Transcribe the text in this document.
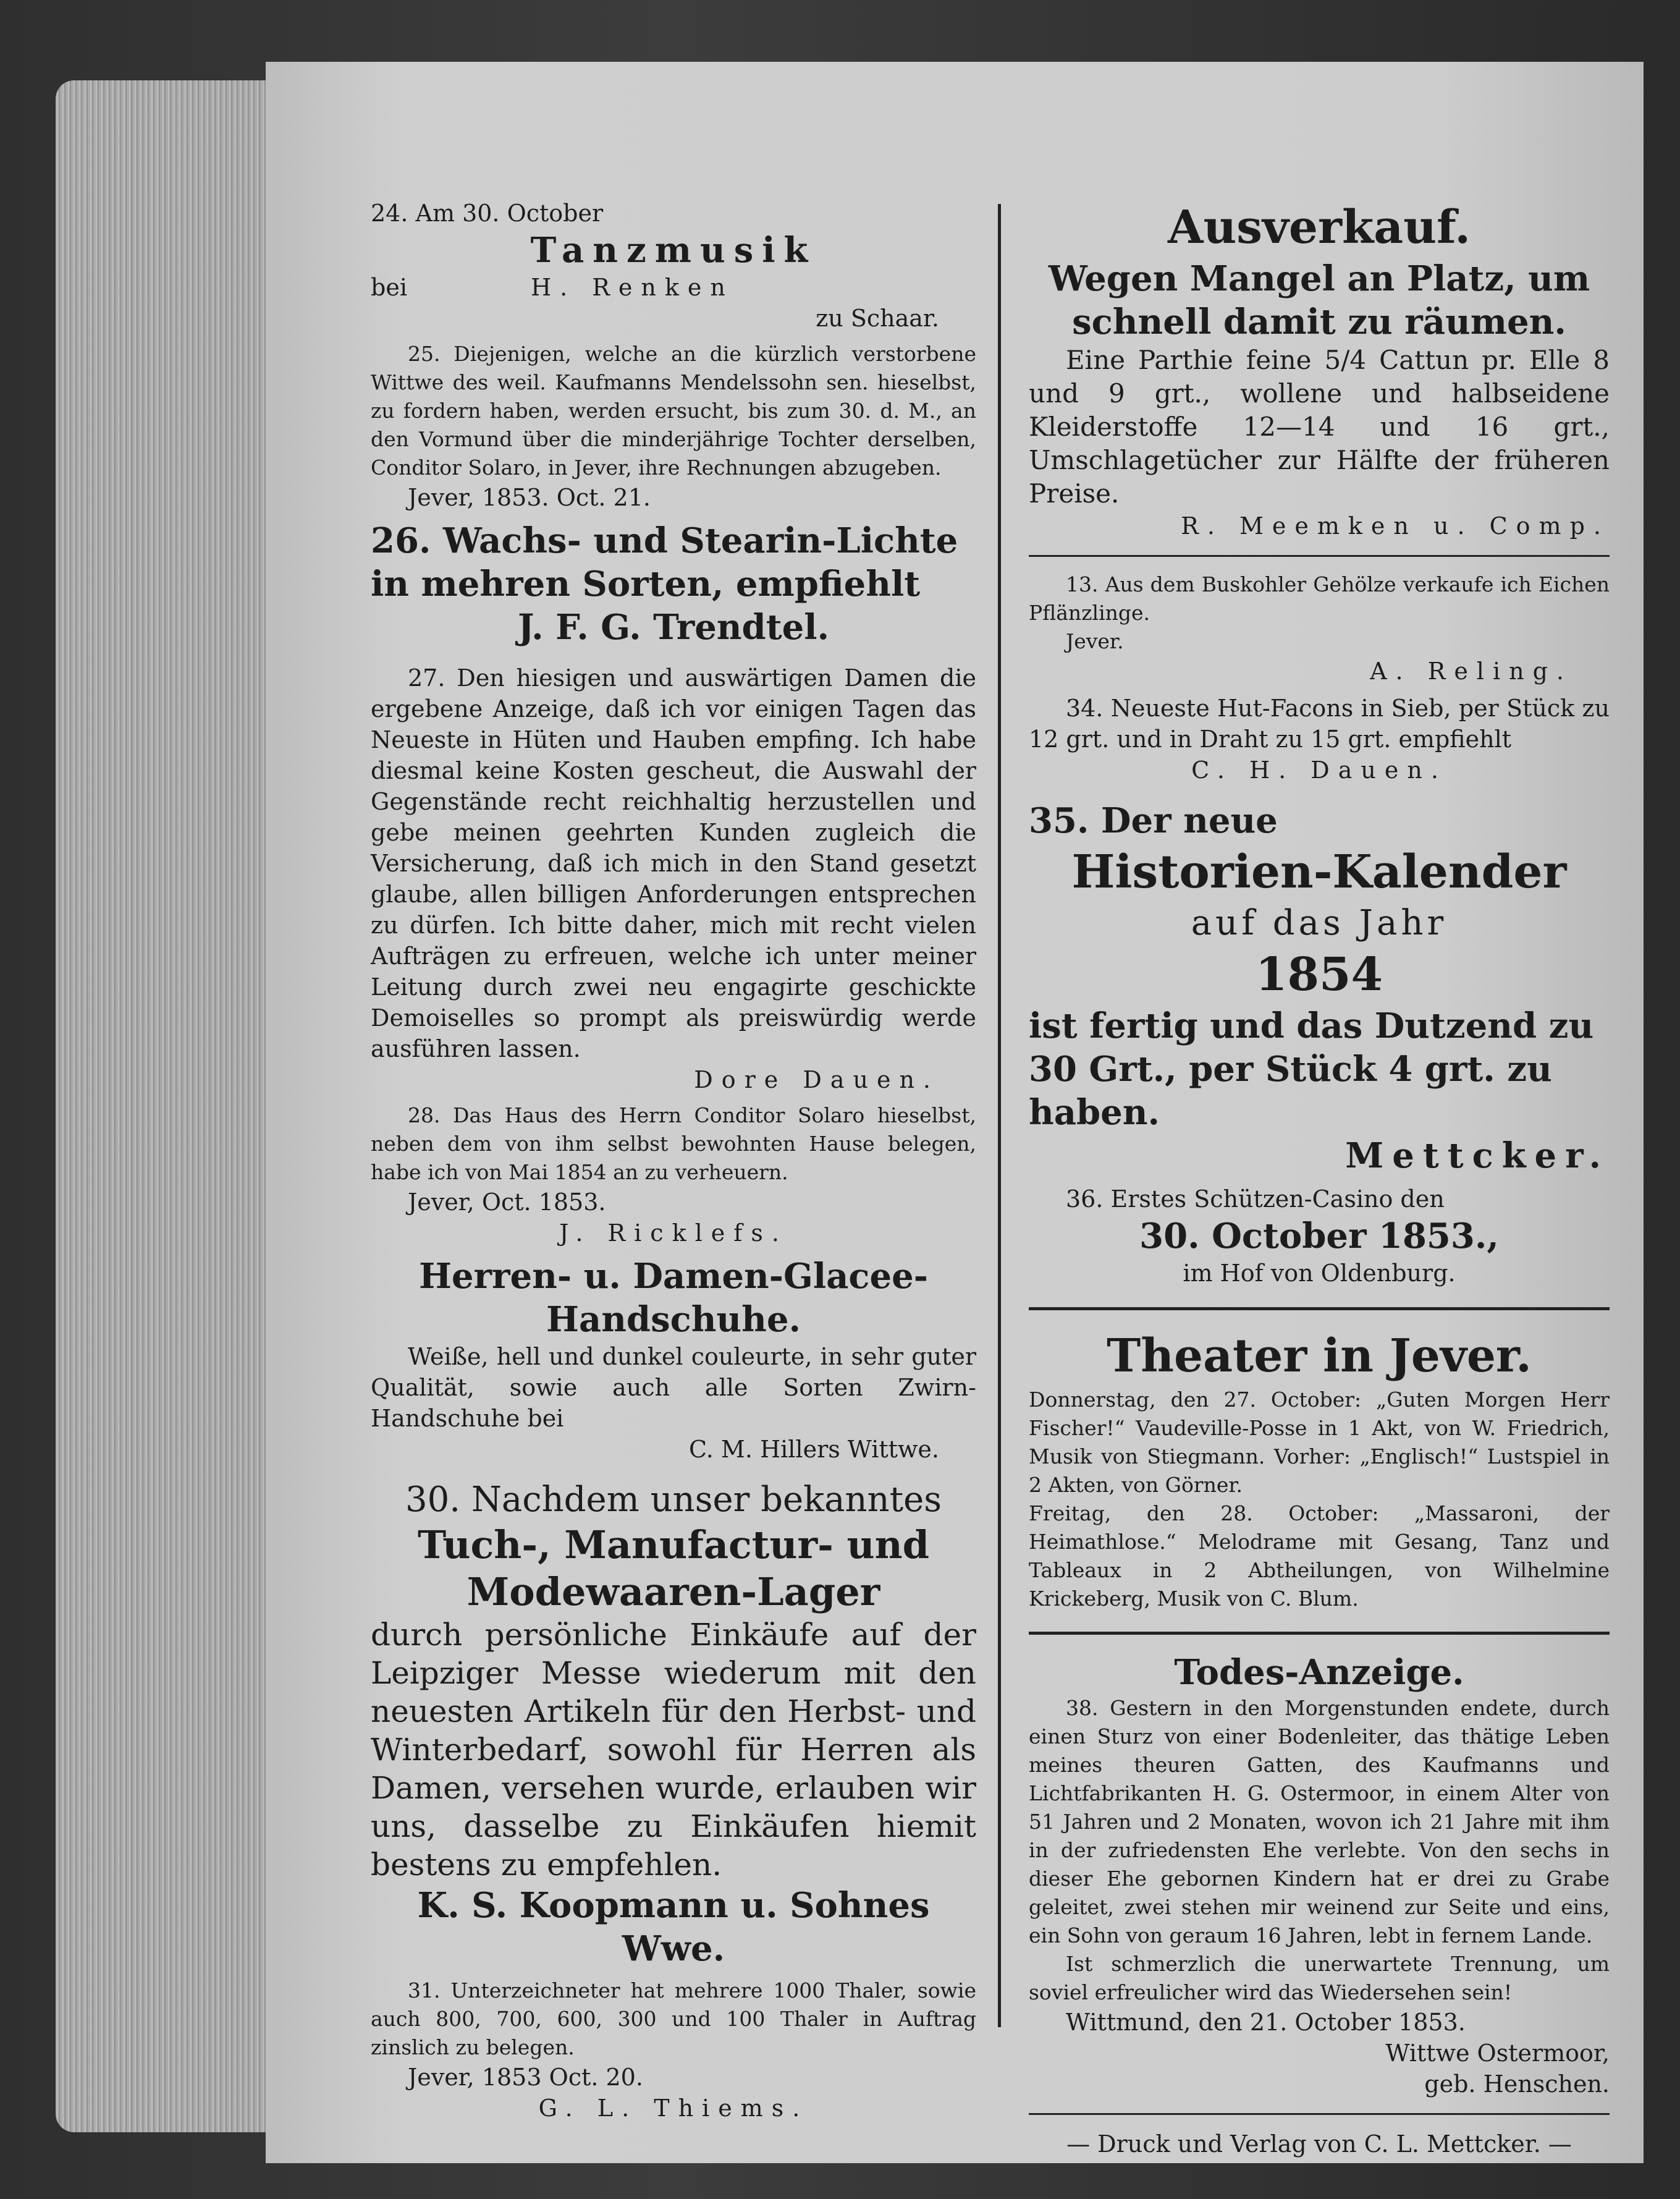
24. Am 30. October

Tanzmusik

bei	H. Renken

zu Schaar.

25. Diejenigen, welche an die kürzlich verstorbene Wittwe des weil. Kaufmanns Mendelssohn sen. hieselbst, zu fordern haben, werden ersucht, bis zum 30. d. M., an den Vormund über die minderjährige Tochter derselben, Conditor Solaro, in Jever, ihre Rechnungen abzugeben.

Jever, 1853. Oct. 21.

26. Wachs- und Stearin-Lichte

in mehren Sorten, empfiehlt

J. F. G. Trendtel.

27. Den hiesigen und auswärtigen Damen die ergebene Anzeige, daß ich vor einigen Tagen das Neueste in Hüten und Hauben empfing. Ich habe diesmal keine Kosten gescheut, die Auswahl der Gegenstände recht reichhaltig herzustellen und gebe meinen geehrten Kunden zugleich die Versicherung, daß ich mich in den Stand gesetzt glaube, allen billigen Anforderungen entsprechen zu dürfen. Ich bitte daher, mich mit recht vielen Aufträgen zu erfreuen, welche ich unter meiner Leitung durch zwei neu engagirte geschickte Demoiselles so prompt als preiswürdig werde ausführen lassen.

Dore Dauen.

28. Das Haus des Herrn Conditor Solaro hieselbst, neben dem von ihm selbst bewohnten Hause belegen, habe ich von Mai 1854 an zu verheuern.

Jever, Oct. 1853.

J. Ricklefs.

Herren- u. Damen-Glacee-Handschuhe.

Weiße, hell und dunkel couleurte, in sehr guter Qualität, sowie auch alle Sorten Zwirn-Handschuhe bei

C. M. Hillers Wittwe.

30. Nachdem unser bekanntes

Tuch-, Manufactur- und

Modewaaren-Lager

durch persönliche Einkäufe auf der Leipziger Messe wiederum mit den neuesten Artikeln für den Herbst- und Winterbedarf, sowohl für Herren als Damen, versehen wurde, erlauben wir uns, dasselbe zu Einkäufen hiemit bestens zu empfehlen.

K. S. Koopmann u. Sohnes Wwe.

31. Unterzeichneter hat mehrere 1000 Thaler, sowie auch 800, 700, 600, 300 und 100 Thaler in Auftrag zinslich zu belegen.

Jever, 1853 Oct. 20.

G. L. Thiems.

Ausverkauf.

Wegen Mangel an Platz, um schnell damit zu räumen.

Eine Parthie feine 5/4 Cattun pr. Elle 8 und 9 grt., wollene und halbseidene Kleiderstoffe 12—14 und 16 grt., Umschlagetücher zur Hälfte der früheren Preise.

R. Meemken u. Comp.

13. Aus dem Buskohler Gehölze verkaufe ich Eichen Pflänzlinge.

Jever.

A. Reling.

34. Neueste Hut-Facons in Sieb, per Stück zu 12 grt. und in Draht zu 15 grt. empfiehlt

C. H. Dauen.

35. Der neue

Historien-Kalender

auf das Jahr

1854

ist fertig und das Dutzend zu 30 Grt., per Stück 4 grt. zu haben.

Mettcker.

36. Erstes Schützen-Casino den

30. October 1853.,

im Hof von Oldenburg.

Theater in Jever.

Donnerstag, den 27. October: „Guten Morgen Herr Fischer!“ Vaudeville-Posse in 1 Akt, von W. Friedrich, Musik von Stiegmann. Vorher: „Englisch!“ Lustspiel in 2 Akten, von Görner.

Freitag, den 28. October: „Massaroni, der Heimathlose.“ Melodrame mit Gesang, Tanz und Tableaux in 2 Abtheilungen, von Wilhelmine Krickeberg, Musik von C. Blum.

Todes-Anzeige.

38. Gestern in den Morgenstunden endete, durch einen Sturz von einer Bodenleiter, das thätige Leben meines theuren Gatten, des Kaufmanns und Lichtfabrikanten H. G. Ostermoor, in einem Alter von 51 Jahren und 2 Monaten, wovon ich 21 Jahre mit ihm in der zufriedensten Ehe verlebte. Von den sechs in dieser Ehe gebornen Kindern hat er drei zu Grabe geleitet, zwei stehen mir weinend zur Seite und eins, ein Sohn von geraum 16 Jahren, lebt in fernem Lande.

Ist schmerzlich die unerwartete Trennung, um soviel erfreulicher wird das Wiedersehen sein!

Wittmund, den 21. October 1853.

Wittwe Ostermoor,

geb. Henschen.

— Druck und Verlag von C. L. Mettcker. —
